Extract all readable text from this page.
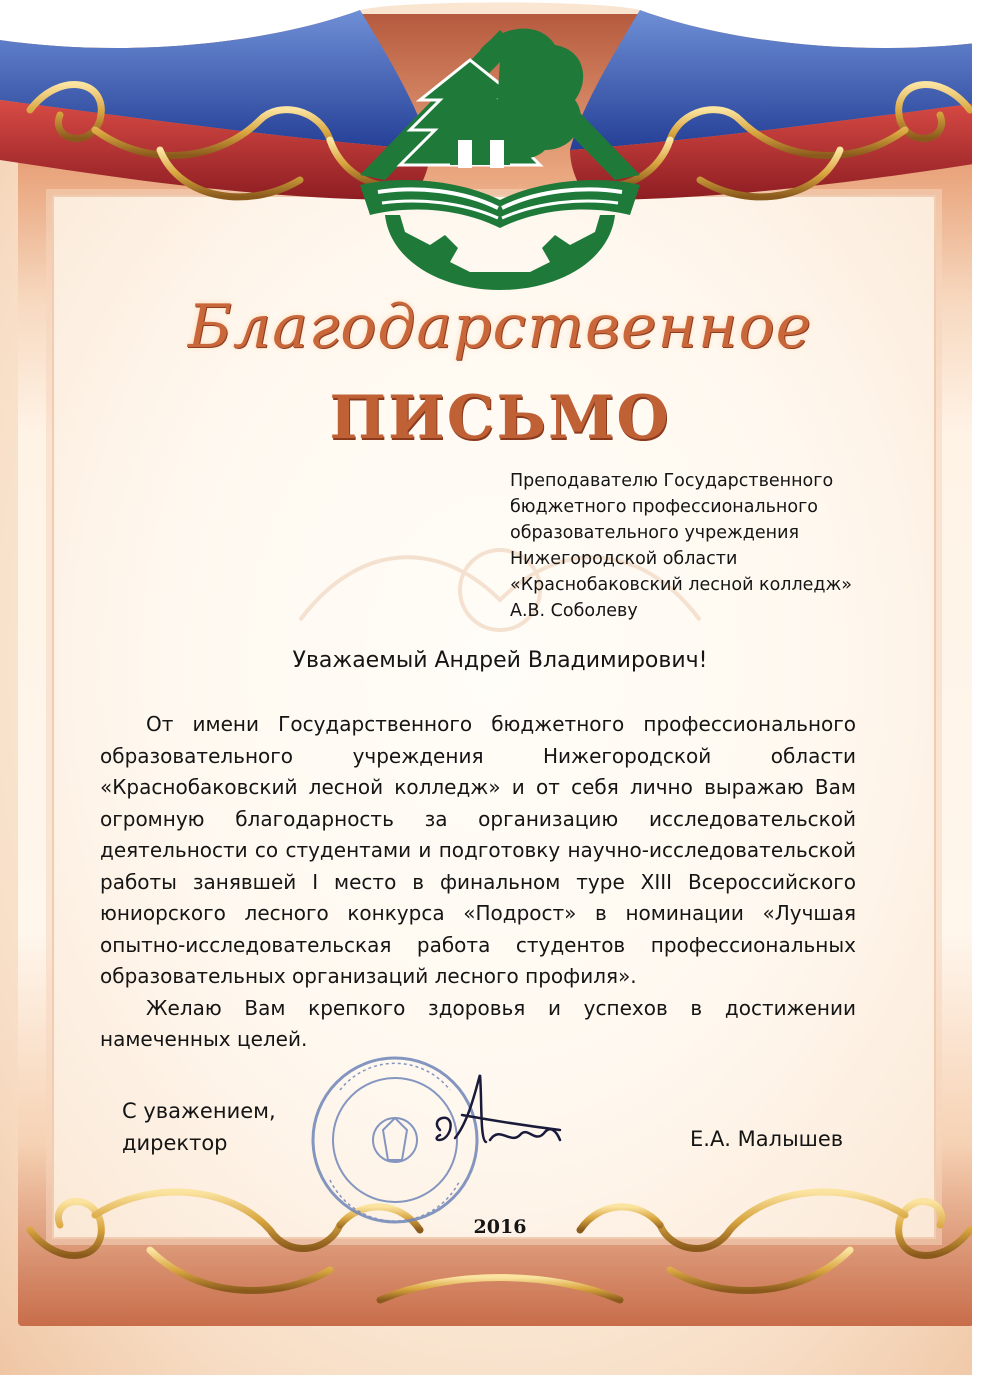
Благодарственное
ПИСЬМО
Преподавателю Государственного
бюджетного профессионального
образовательного учреждения
Нижегородской области
«Краснобаковский лесной колледж»
А.В. Соболеву
Уважаемый Андрей Владимирович!

От имени Государственного бюджетного профессионального образовательного учреждения Нижегородской области «Краснобаковский лесной колледж» и от себя лично выражаю Вам огромную благодарность за организацию исследовательской деятельности со студентами и подготовку научно-исследовательской работы занявшей I место в финальном туре XIII Всероссийского юниорского лесного конкурса «Подрост» в номинации «Лучшая опытно-исследовательская работа студентов профессиональных образовательных организаций лесного профиля».

Желаю Вам крепкого здоровья и успехов в достижении намеченных целей.

С уважением,
директор	Е.А. Малышев
2016
